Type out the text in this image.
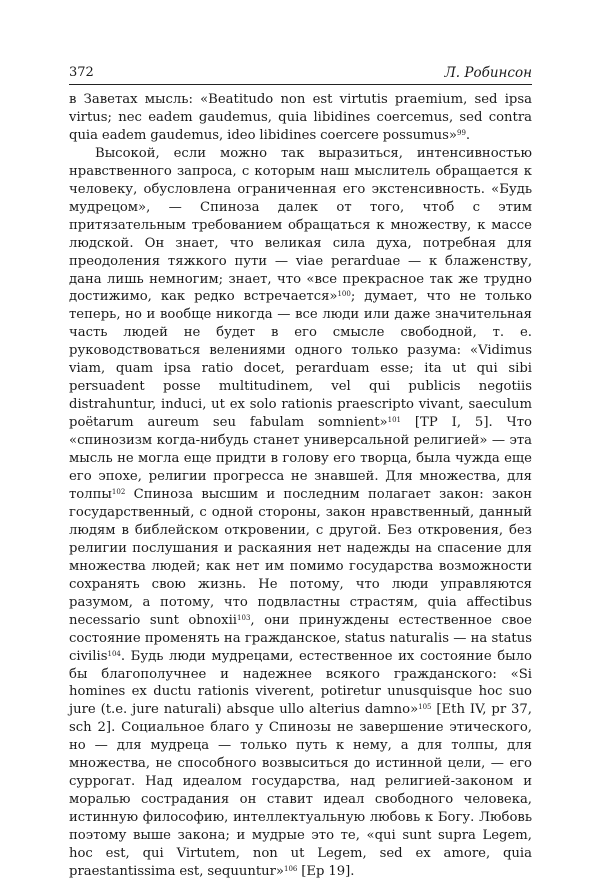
372	Л. Робинсон

в Заветах мысль: «Beatitudo non est virtutis praemium, sed ipsa virtus; nec eadem gaudemus, quia libidines coercemus, sed contra quia eadem gaudemus, ideo libidines coercere possumus»$^{99}$.

Высокой, если можно так выразиться, интенсивностью нравственного запроса, с которым наш мыслитель обращается к человеку, обусловлена ограниченная его экстенсивность. «Будь мудрецом», — Спиноза далек от того, чтоб с этим притязательным требованием обращаться к множеству, к массе людской. Он знает, что великая сила духа, потребная для преодоления тяжкого пути — viae perarduae — к блаженству, дана лишь немногим; знает, что «все прекрасное так же трудно достижимо, как редко встречается»$^{100}$; думает, что не только теперь, но и вообще никогда — все люди или даже значительная часть людей не будет в его смысле свободной, т. е. руководствоваться велениями одного только разума: «Vidimus viam, quam ipsa ratio docet, perarduam esse; ita ut qui sibi persuadent posse multitudinem, vel qui publicis negotiis distrahuntur, induci, ut ex solo rationis praescripto vivant, saeculum poëtarum aureum seu fabulam somnient»$^{101}$ [TP I, 5]. Что «спинозизм когда-нибудь станет универсальной религией» — эта мысль не могла еще придти в голову его творца, была чужда еще его эпохе, религии прогресса не знавшей. Для множества, для толпы$^{102}$ Спиноза высшим и последним полагает закон: закон государственный, с одной стороны, закон нравственный, данный людям в библейском откровении, с другой. Без откровения, без религии послушания и раскаяния нет надежды на спасение для множества людей; как нет им помимо государства возможности сохранять свою жизнь. Не потому, что люди управляются разумом, а потому, что подвластны страстям, quia affectibus necessario sunt obnoxii$^{103}$, они принуждены естественное свое состояние променять на гражданское, status naturalis — на status civilis$^{104}$. Будь люди мудрецами, естественное их состояние было бы благополучнее и надежнее всякого гражданского: «Si homines ex ductu rationis viverent, potiretur unusquisque hoc suo jure (t.e. jure naturali) absque ullo alterius damno»$^{105}$ [Eth IV, pr 37, sch 2]. Социальное благо у Спинозы не завершение этического, но — для мудреца — только путь к нему, а для толпы, для множества, не способного возвыситься до истинной цели, — его суррогат. Над идеалом государства, над религией-законом и моралью сострадания он ставит идеал свободного человека, истинную философию, интеллектуальную любовь к Богу. Любовь поэтому выше закона; и мудрые это те, «qui sunt supra Legem, hoc est, qui Virtutem, non ut Legem, sed ex amore, quia praestantissima est, sequuntur»$^{106}$ [Ep 19].
